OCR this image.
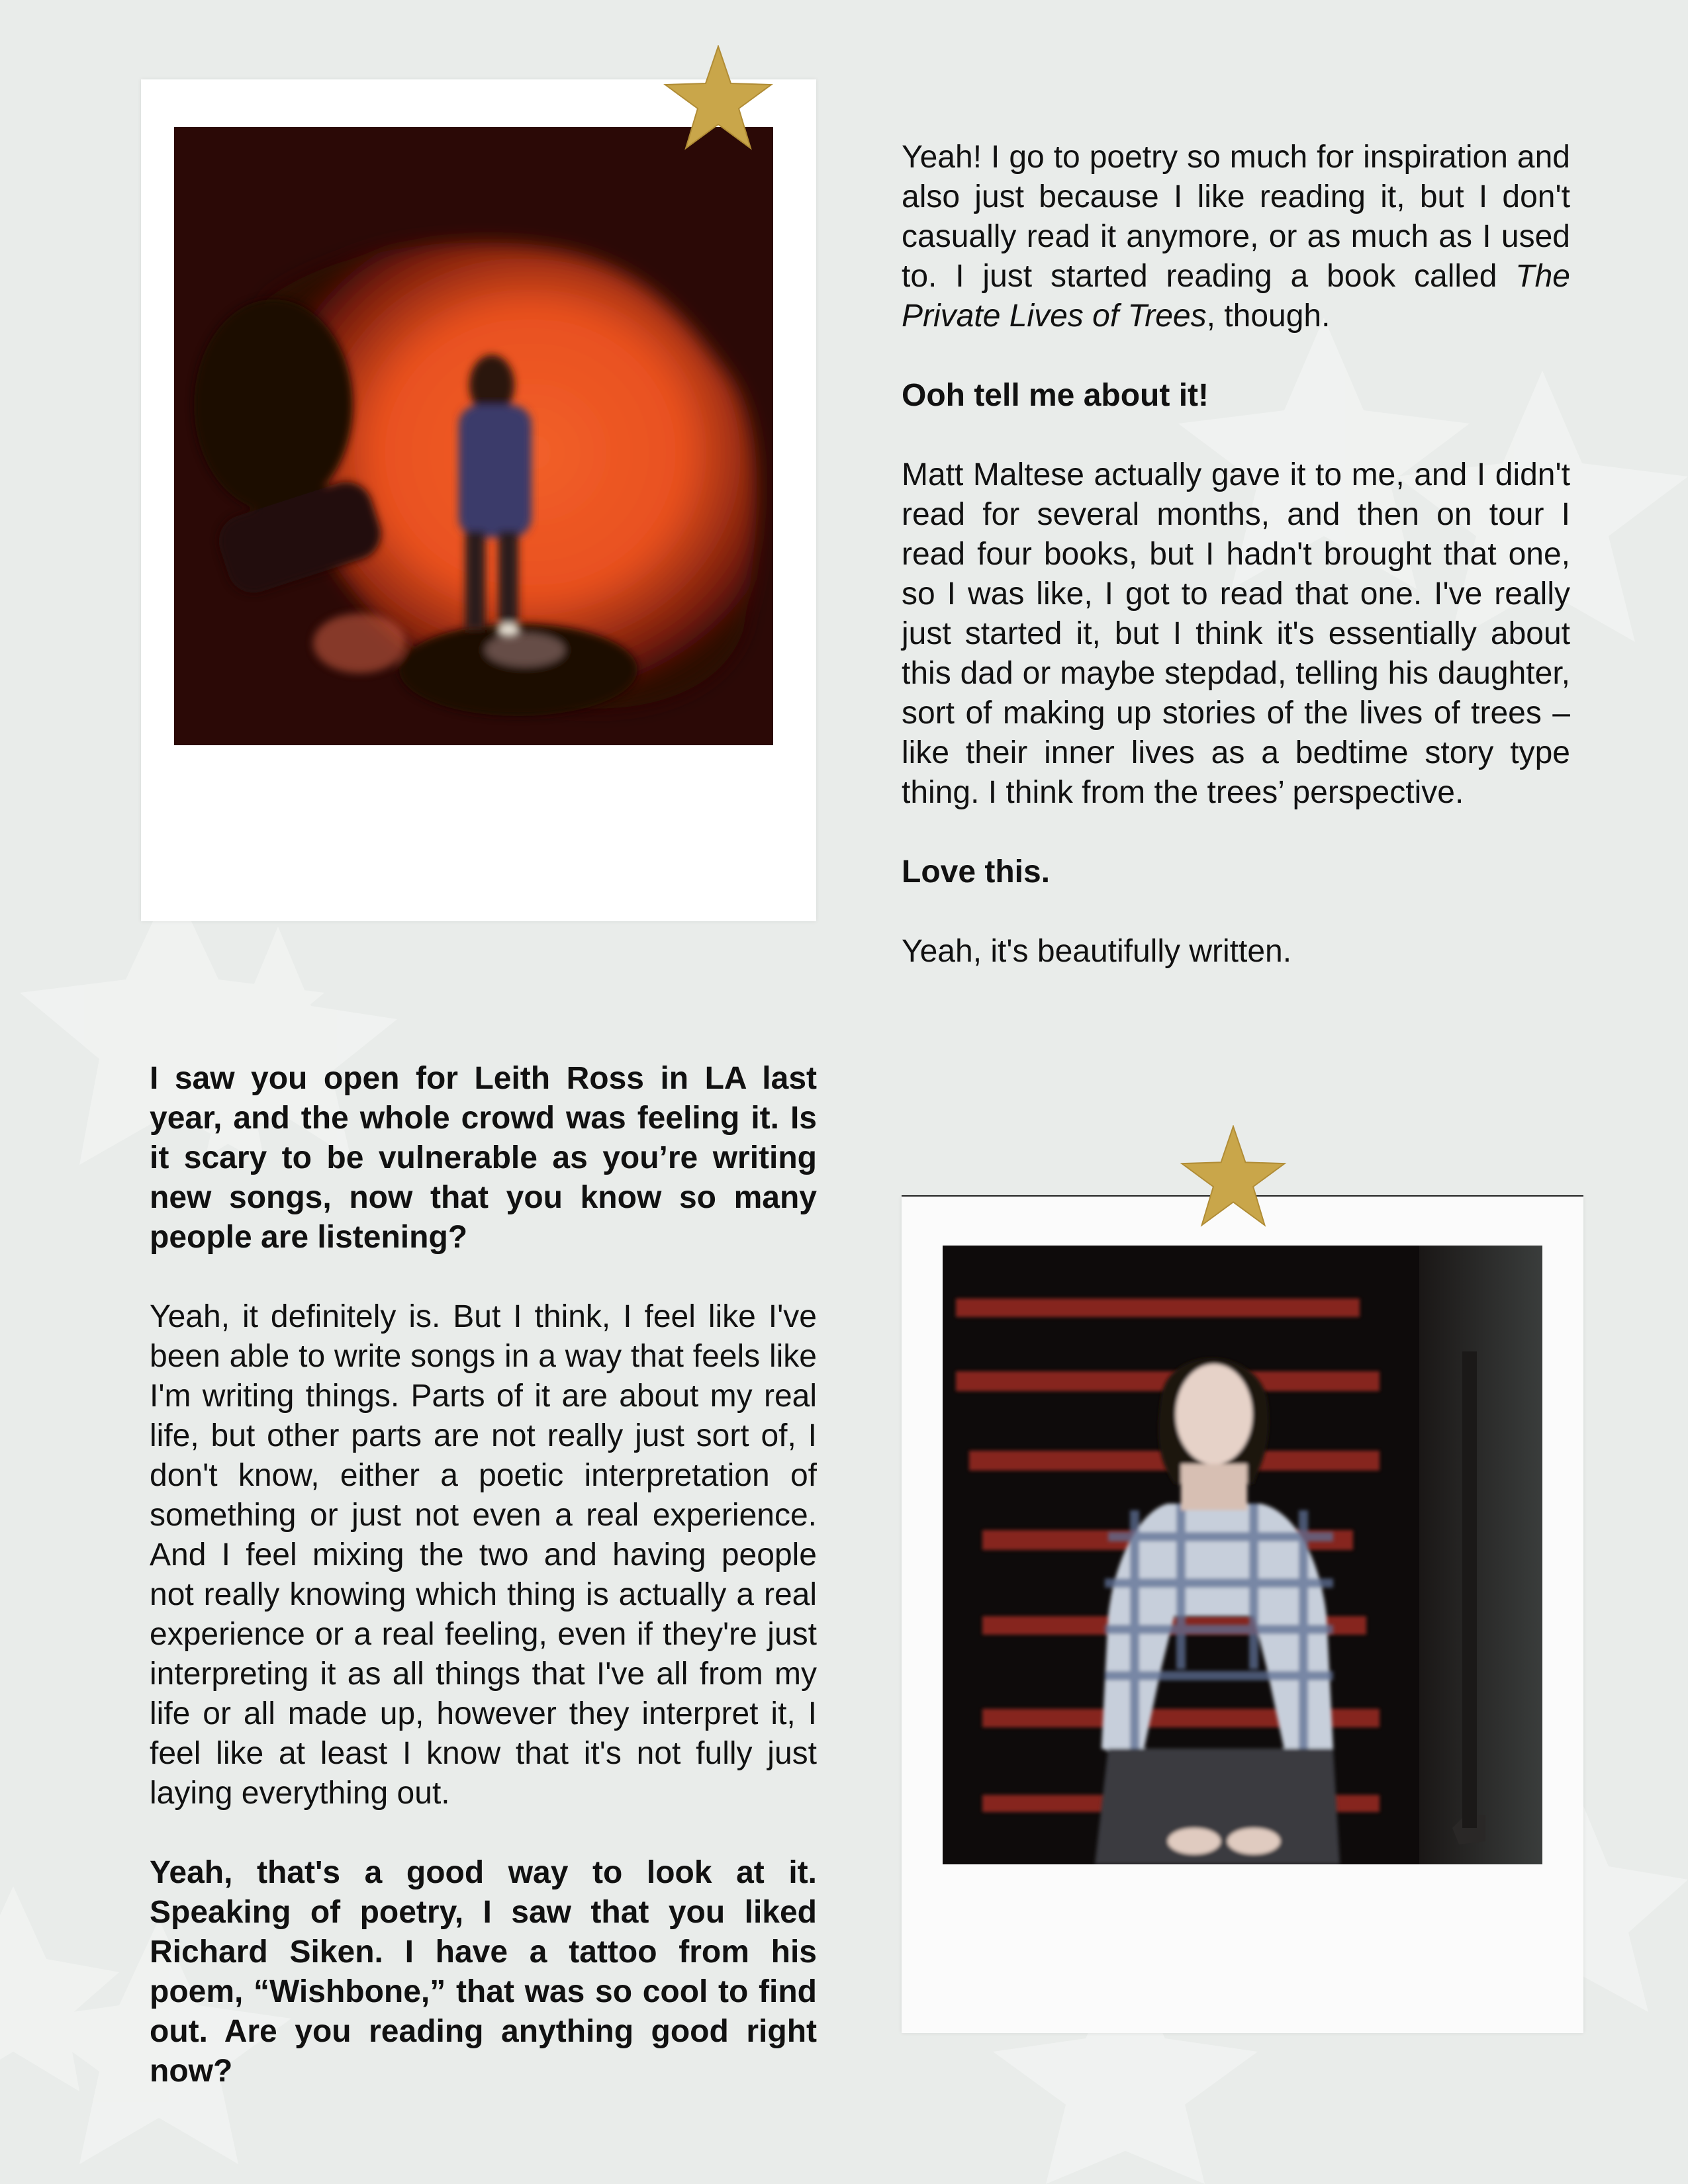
Yeah! I go to poetry so much for inspiration and also just because I like reading it, but I don't casually read it anymore, or as much as I used to. I just started reading a book called The Private Lives of Trees, though.

Ooh tell me about it!

Matt Maltese actually gave it to me, and I didn't read for several months, and then on tour I read four books, but I hadn't brought that one, so I was like, I got to read that one. I've really just started it, but I think it's essentially about this dad or maybe stepdad, telling his daughter, sort of making up stories of the lives of trees – like their inner lives as a bedtime story type thing. I think from the trees’ perspective.

Love this.

Yeah, it's beautifully written.

I saw you open for Leith Ross in LA last year, and the whole crowd was feeling it. Is it scary to be vulnerable as you’re writing new songs, now that you know so many people are listening?

Yeah, it definitely is. But I think, I feel like I've been able to write songs in a way that feels like I'm writing things. Parts of it are about my real life, but other parts are not really just sort of, I don't know, either a poetic interpretation of something or just not even a real experience. And I feel mixing the two and having people not really knowing which thing is actually a real experience or a real feeling, even if they're just interpreting it as all things that I've all from my life or all made up, however they interpret it, I feel like at least I know that it's not fully just laying everything out.

Yeah, that's a good way to look at it. Speaking of poetry, I saw that you liked Richard Siken. I have a tattoo from his poem, “Wishbone,” that was so cool to find out. Are you reading anything good right now?
